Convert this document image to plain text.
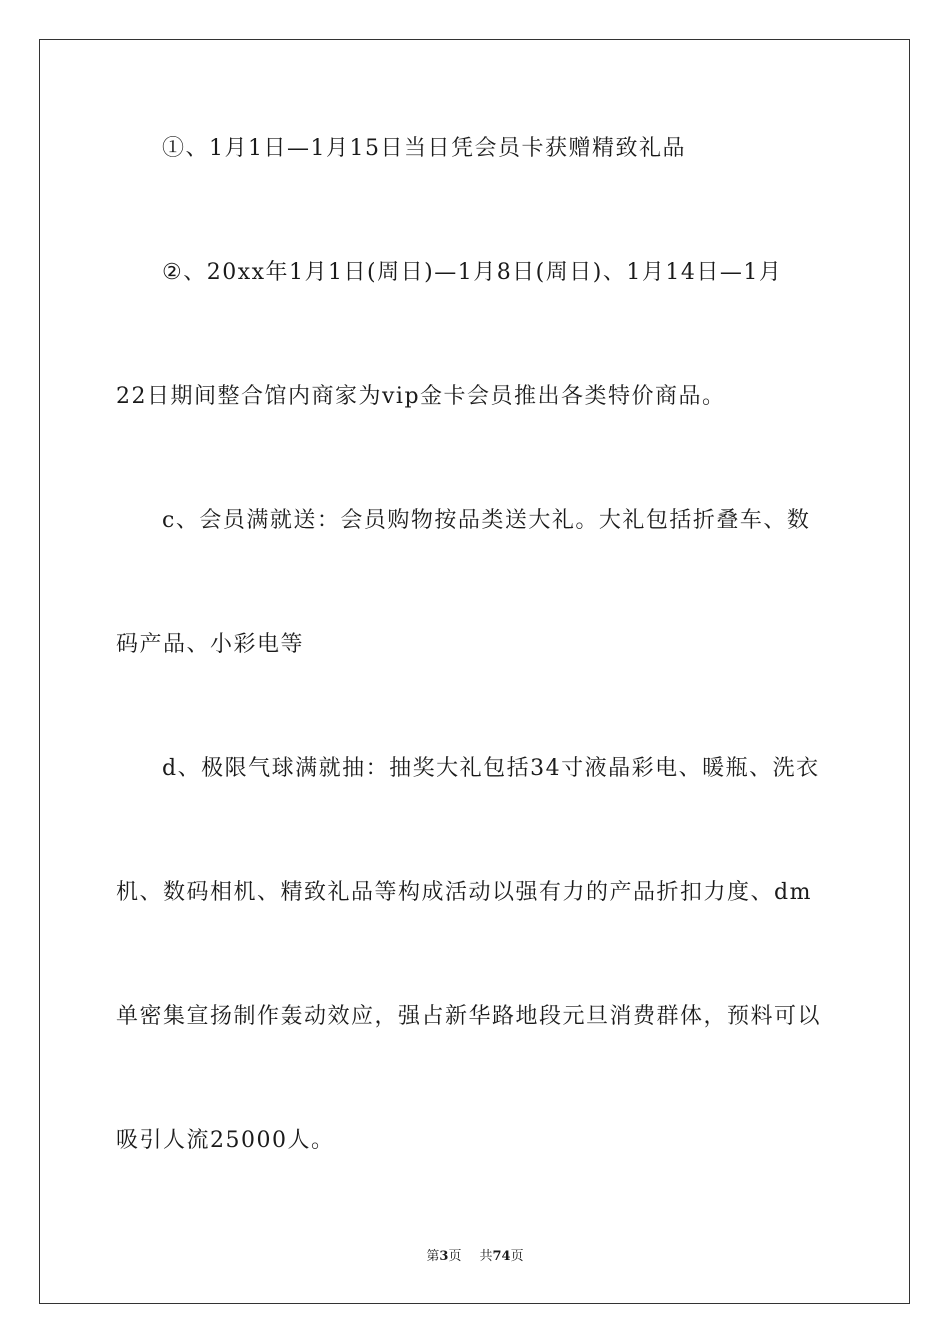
①、1月1日—1月15日当日凭会员卡获赠精致礼品
②、20xx年1月1日(周日)—1月8日(周日)、1月14日—1月
22日期间整合馆内商家为vip金卡会员推出各类特价商品。
c、会员满就送：会员购物按品类送大礼。大礼包括折叠车、数
码产品、小彩电等
d、极限气球满就抽：抽奖大礼包括34寸液晶彩电、暖瓶、洗衣
机、数码相机、精致礼品等构成活动以强有力的产品折扣力度、dm
单密集宣扬制作轰动效应，强占新华路地段元旦消费群体，预料可以
吸引人流25000人。
第3页 共74页
